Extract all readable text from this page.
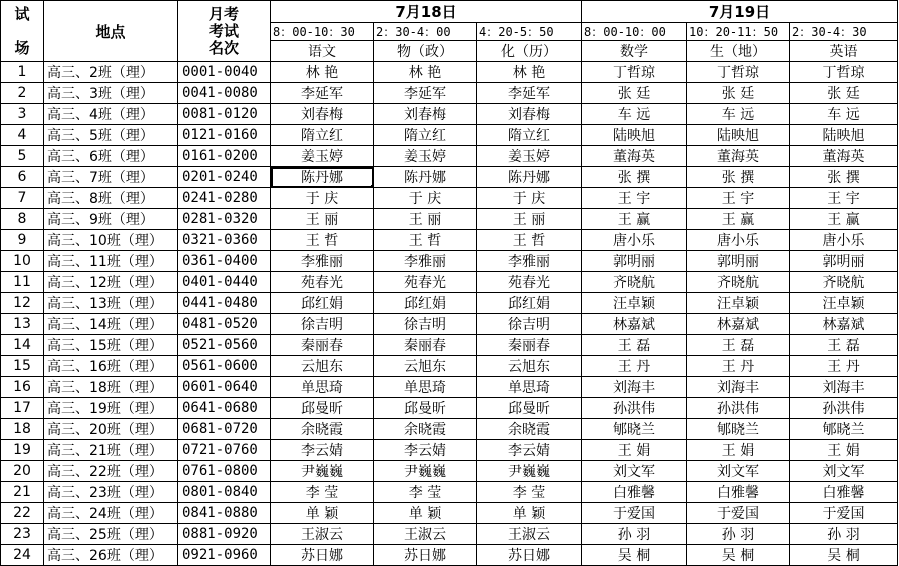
试

场	地点	月考
考试
名次	7月18日			7月19日		
			8：00-10：30	2：30-4：00	4：20-5：50	8：00-10：00	10：20-11：50	2：30-4：30
			语文	物（政）	化（历）	数学	生（地）	英语
1	高三、2班（理）	0001-0040	林 艳	林 艳	林 艳	丁哲琼	丁哲琼	丁哲琼
2	高三、3班（理）	0041-0080	李延军	李延军	李延军	张 廷	张 廷	张 廷
3	高三、4班（理）	0081-0120	刘春梅	刘春梅	刘春梅	车 远	车 远	车 远
4	高三、5班（理）	0121-0160	隋立红	隋立红	隋立红	陆映旭	陆映旭	陆映旭
5	高三、6班（理）	0161-0200	姜玉婷	姜玉婷	姜玉婷	董海英	董海英	董海英
6	高三、7班（理）	0201-0240	陈丹娜	陈丹娜	陈丹娜	张 撰	张 撰	张 撰
7	高三、8班（理）	0241-0280	于 庆	于 庆	于 庆	王 宇	王 宇	王 宇
8	高三、9班（理）	0281-0320	王 丽	王 丽	王 丽	王 赢	王 赢	王 赢
9	高三、10班（理）	0321-0360	王 哲	王 哲	王 哲	唐小乐	唐小乐	唐小乐
10	高三、11班（理）	0361-0400	李雅丽	李雅丽	李雅丽	郭明丽	郭明丽	郭明丽
11	高三、12班（理）	0401-0440	苑春光	苑春光	苑春光	齐晓航	齐晓航	齐晓航
12	高三、13班（理）	0441-0480	邱红娟	邱红娟	邱红娟	汪卓颖	汪卓颖	汪卓颖
13	高三、14班（理）	0481-0520	徐吉明	徐吉明	徐吉明	林嘉斌	林嘉斌	林嘉斌
14	高三、15班（理）	0521-0560	秦丽春	秦丽春	秦丽春	王 磊	王 磊	王 磊
15	高三、16班（理）	0561-0600	云旭东	云旭东	云旭东	王 丹	王 丹	王 丹
16	高三、18班（理）	0601-0640	单思琦	单思琦	单思琦	刘海丰	刘海丰	刘海丰
17	高三、19班（理）	0641-0680	邱曼昕	邱曼昕	邱曼昕	孙洪伟	孙洪伟	孙洪伟
18	高三、20班（理）	0681-0720	余晓霞	余晓霞	余晓霞	郇晓兰	郇晓兰	郇晓兰
19	高三、21班（理）	0721-0760	李云婧	李云婧	李云婧	王 娟	王 娟	王 娟
20	高三、22班（理）	0761-0800	尹巍巍	尹巍巍	尹巍巍	刘文军	刘文军	刘文军
21	高三、23班（理）	0801-0840	李 莹	李 莹	李 莹	白雅馨	白雅馨	白雅馨
22	高三、24班（理）	0841-0880	单 颖	单 颖	单 颖	于爱国	于爱国	于爱国
23	高三、25班（理）	0881-0920	王淑云	王淑云	王淑云	孙 羽	孙 羽	孙 羽
24	高三、26班（理）	0921-0960	苏日娜	苏日娜	苏日娜	吴 桐	吴 桐	吴 桐
